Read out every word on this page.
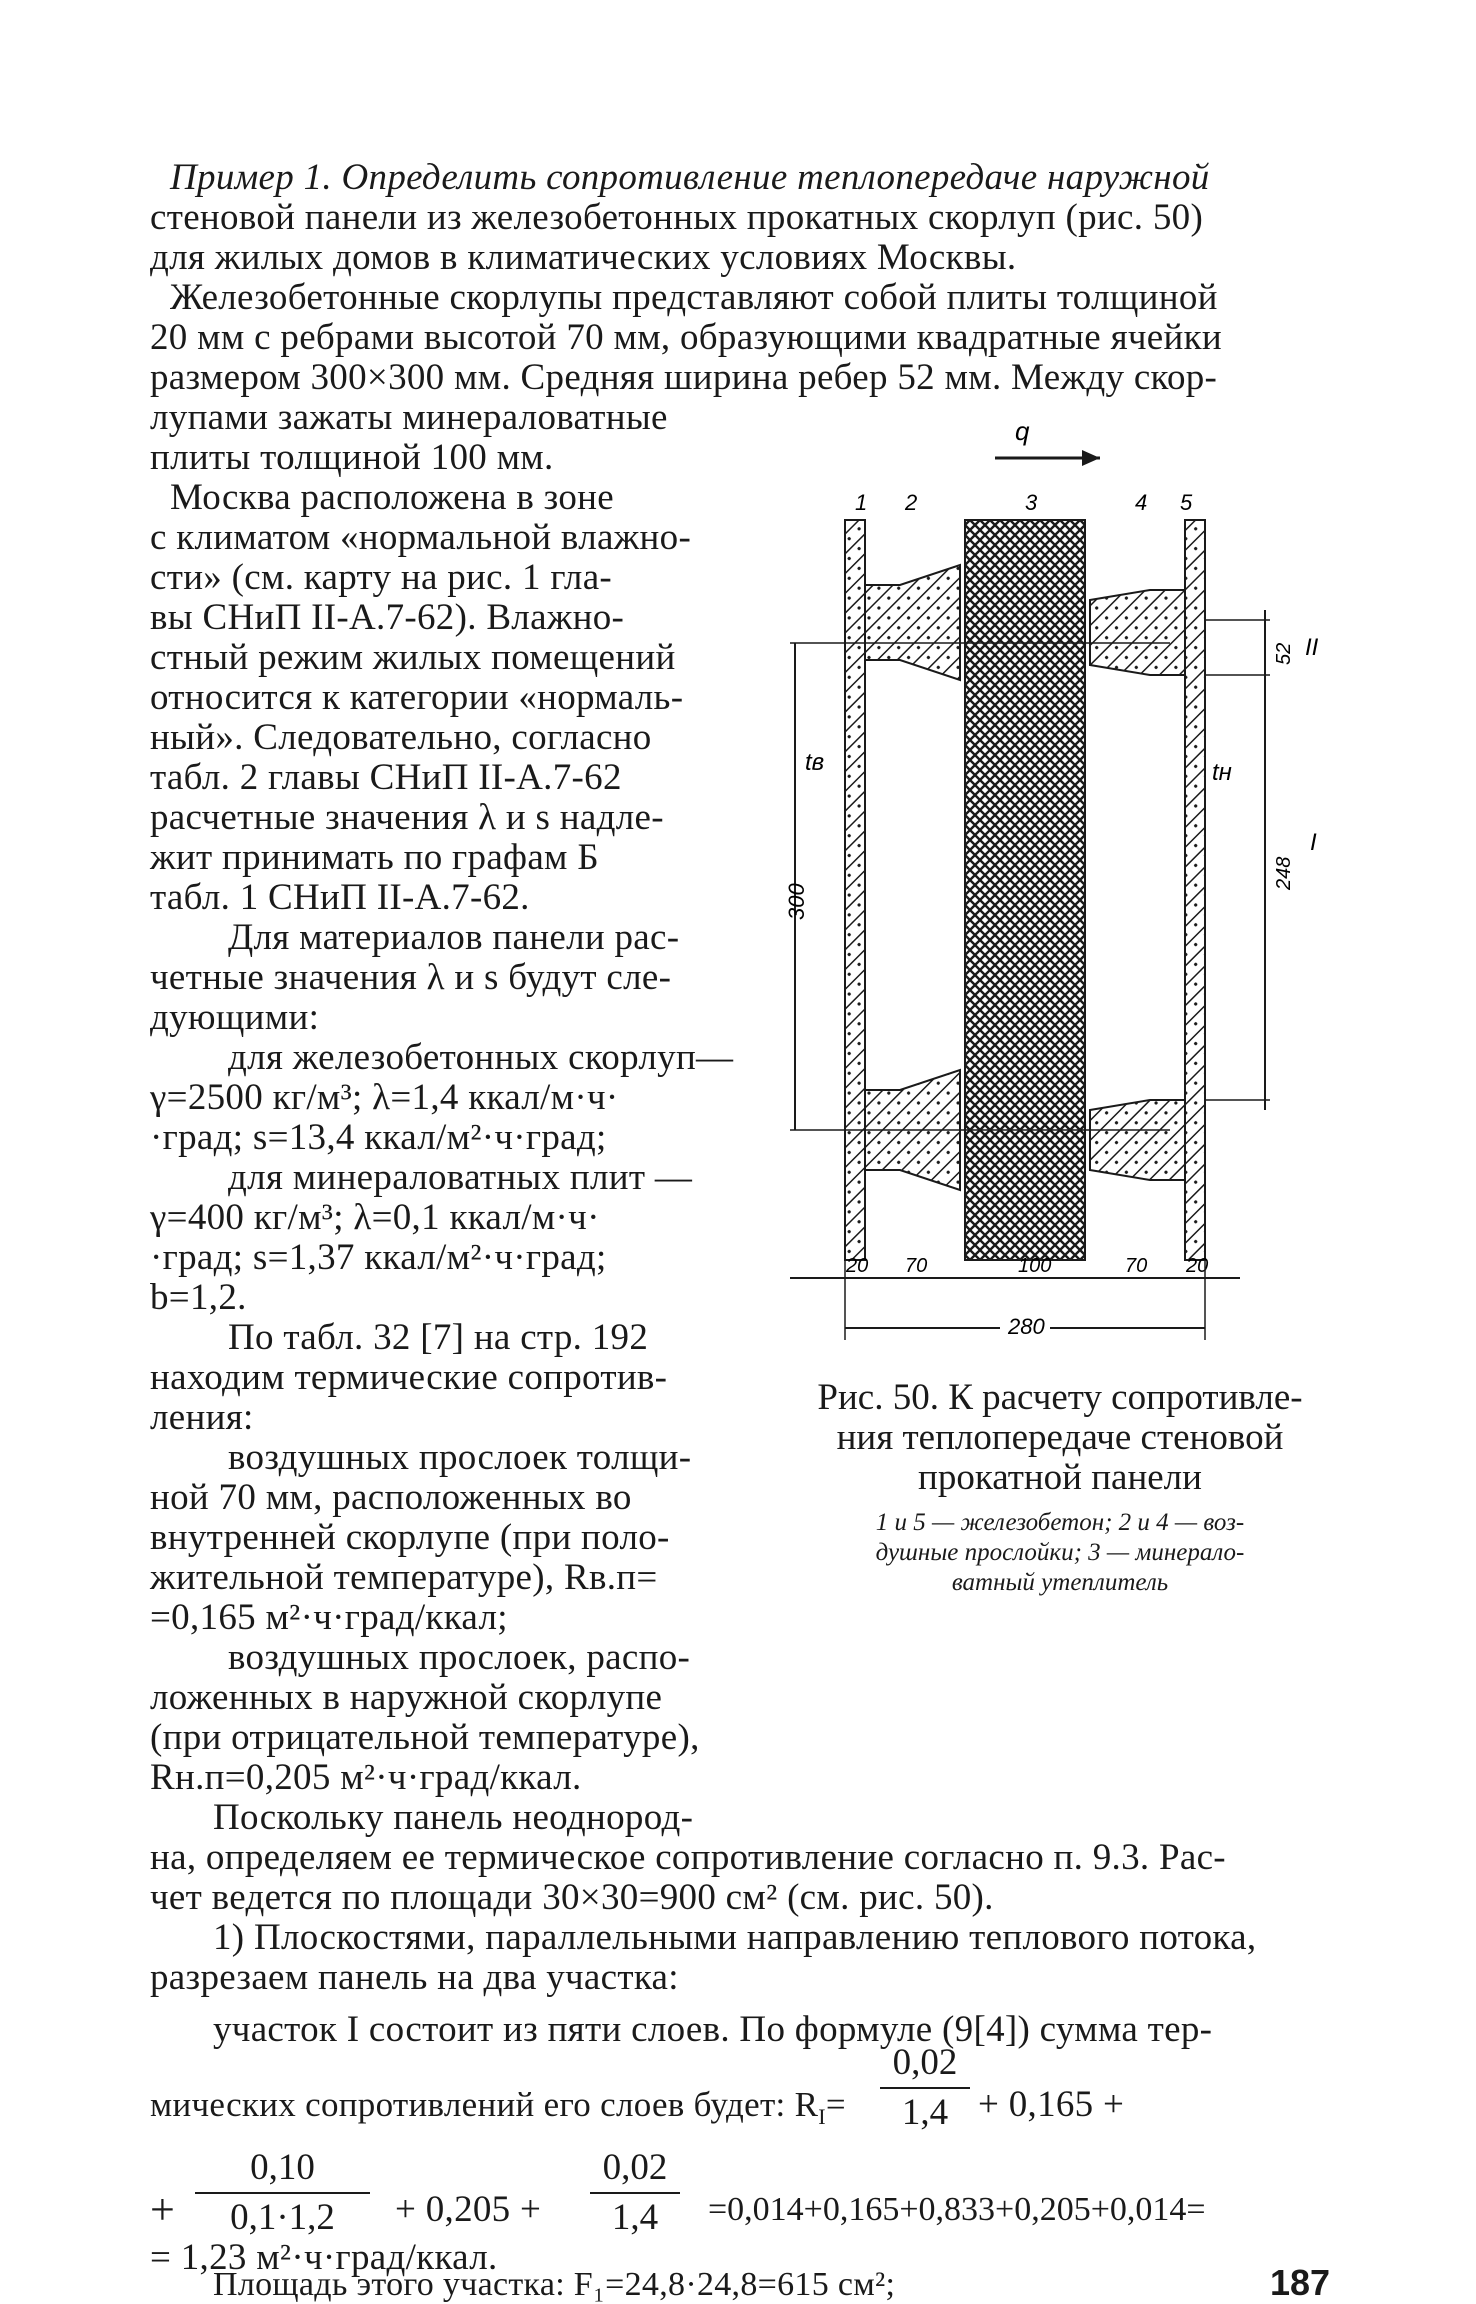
Пример 1. Определить сопротивление теплопередаче наружной
стеновой панели из железобетонных прокатных скорлуп (рис. 50)
для жилых домов в климатических условиях Москвы.
Железобетонные скорлупы представляют собой плиты толщиной
20 мм с ребрами высотой 70 мм, образующими квадратные ячейки
размером 300×300 мм. Средняя ширина ребер 52 мм. Между скор-
лупами зажаты минераловатные
плиты толщиной 100 мм.
Москва расположена в зоне
с климатом «нормальной влажно-
сти» (см. карту на рис. 1 гла-
вы СНиП II-А.7-62). Влажно-
стный режим жилых помещений
относится к категории «нормаль-
ный». Следовательно, согласно
табл. 2 главы СНиП II-А.7-62
расчетные значения λ и s надле-
жит принимать по графам Б
табл. 1 СНиП II-А.7-62.
Для материалов панели рас-
четные значения λ и s будут сле-
дующими:
для железобетонных скорлуп—
γ=2500 кг/м³; λ=1,4 ккал/м·ч·
·град; s=13,4 ккал/м²·ч·град;
для минераловатных плит —
γ=400 кг/м³; λ=0,1 ккал/м·ч·
·град; s=1,37 ккал/м²·ч·град;
b=1,2.
По табл. 32 [7] на стр. 192
находим термические сопротив-
ления:
воздушных прослоек толщи-
ной 70 мм, расположенных во
внутренней скорлупе (при поло-
жительной температуре), Rв.п=
=0,165 м²·ч·град/ккал;
воздушных прослоек, распо-
ложенных в наружной скорлупе
(при отрицательной температуре),
Rн.п=0,205 м²·ч·град/ккал.
Поскольку панель неоднород-
на, определяем ее термическое сопротивление согласно п. 9.3. Рас-
чет ведется по площади 30×30=900 см² (см. рис. 50).
1) Плоскостями, параллельными направлению теплового потока,
разрезаем панель на два участка:
участок I состоит из пяти слоев. По формуле (9[4]) сумма тер-
мических сопротивлений его слоев будет: $R_I=$
0,02
1,4 + 0,165 +
+
0,10
0,1·1,2	+ 0,205 +
0,02
1,4	=0,014+0,165+0,833+0,205+0,014=
= 1,23 м²·ч·град/ккал.
q
1 2	3	4 5
300
52
248
II
I
tв	tн
20 70	100	70 20
280
Рис. 50. К расчету сопротивле-
ния теплопередаче стеновой
прокатной панели
1 и 5 — железобетон; 2 и 4 — воз-
душные прослойки; 3 — минерало-
ватный утеплитель
Площадь этого участка: F₁=24,8·24,8=615 см²;	187
